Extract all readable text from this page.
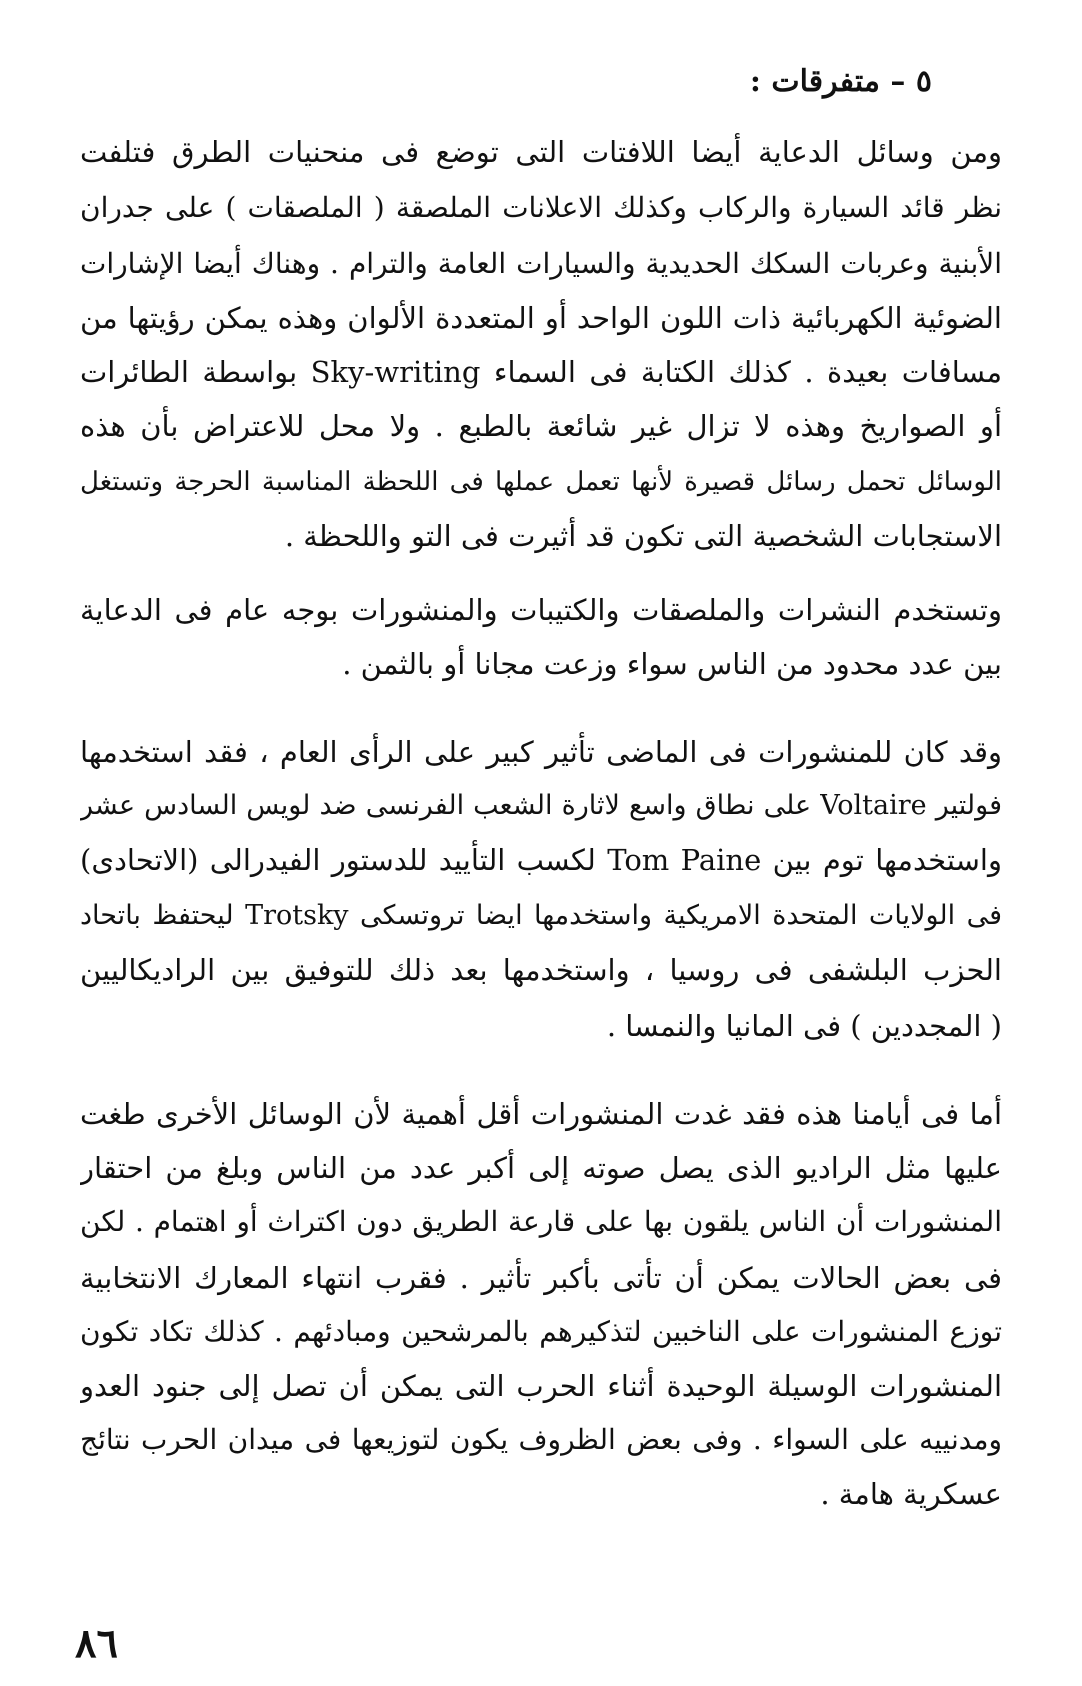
٥ – متفرقات :
ومن وسائل الدعاية أيضا اللافتات التى توضع فى منحنيات الطرق فتلفت
نظر قائد السيارة والركاب وكذلك الاعلانات الملصقة ( الملصقات ) على جدران
الأبنية وعربات السكك الحديدية والسيارات العامة والترام . وهناك أيضا الإشارات
الضوئية الكهربائية ذات اللون الواحد أو المتعددة الألوان وهذه يمكن رؤيتها من
مسافات بعيدة . كذلك الكتابة فى السماء Sky-writing بواسطة الطائرات
أو الصواريخ وهذه لا تزال غير شائعة بالطبع . ولا محل للاعتراض بأن هذه
الوسائل تحمل رسائل قصيرة لأنها تعمل عملها فى اللحظة المناسبة الحرجة وتستغل
الاستجابات الشخصية التى تكون قد أثيرت فى التو واللحظة .
وتستخدم النشرات والملصقات والكتيبات والمنشورات بوجه عام فى الدعاية
بين عدد محدود من الناس سواء وزعت مجانا أو بالثمن .
وقد كان للمنشورات فى الماضى تأثير كبير على الرأى العام ، فقد استخدمها
فولتير Voltaire على نطاق واسع لاثارة الشعب الفرنسى ضد لويس السادس عشر
واستخدمها توم بين Tom Paine لكسب التأييد للدستور الفيدرالى (الاتحادى)
فى الولايات المتحدة الامريكية واستخدمها ايضا تروتسكى Trotsky ليحتفظ باتحاد
الحزب البلشفى فى روسيا ، واستخدمها بعد ذلك للتوفيق بين الراديكاليين
( المجددين ) فى المانيا والنمسا .
أما فى أيامنا هذه فقد غدت المنشورات أقل أهمية لأن الوسائل الأخرى طغت
عليها مثل الراديو الذى يصل صوته إلى أكبر عدد من الناس وبلغ من احتقار
المنشورات أن الناس يلقون بها على قارعة الطريق دون اكتراث أو اهتمام . لكن
فى بعض الحالات يمكن أن تأتى بأكبر تأثير . فقرب انتهاء المعارك الانتخابية
توزع المنشورات على الناخبين لتذكيرهم بالمرشحين ومبادئهم . كذلك تكاد تكون
المنشورات الوسيلة الوحيدة أثناء الحرب التى يمكن أن تصل إلى جنود العدو
ومدنييه على السواء . وفى بعض الظروف يكون لتوزيعها فى ميدان الحرب نتائج
عسكرية هامة .
٨٦
